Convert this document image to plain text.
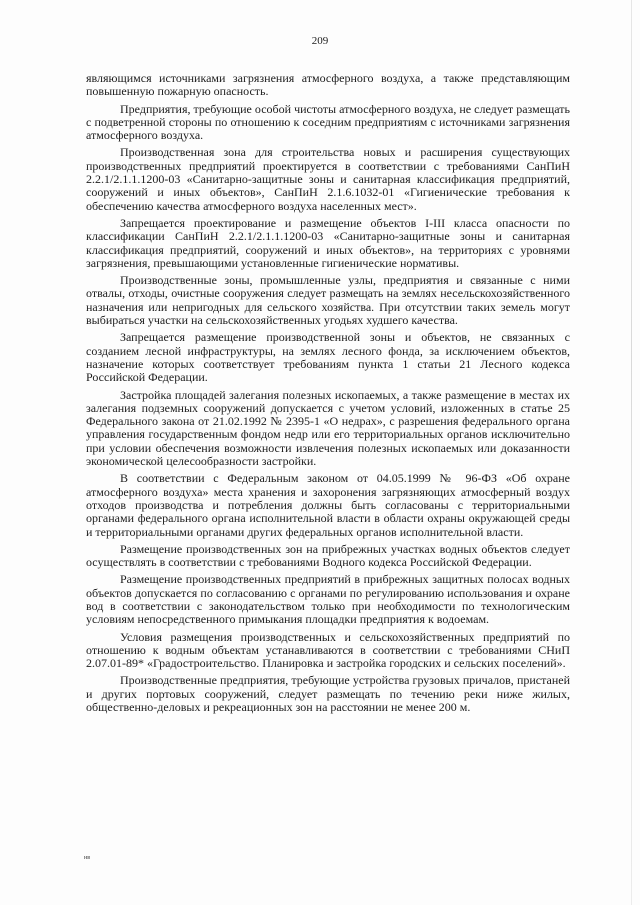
209

являющимся источниками загрязнения атмосферного воздуха, а также представляющим повышенную пожарную опасность.

Предприятия, требующие особой чистоты атмосферного воздуха, не следует размещать с подветренной стороны по отношению к соседним предприятиям с источниками загрязнения атмосферного воздуха.

Производственная зона для строительства новых и расширения существующих производственных предприятий проектируется в соответствии с требованиями СанПиН 2.2.1/2.1.1.1200-03 «Санитарно-защитные зоны и санитарная классификация предприятий, сооружений и иных объектов», СанПиН 2.1.6.1032-01 «Гигиенические требования к обеспечению качества атмосферного воздуха населенных мест».

Запрещается проектирование и размещение объектов I-III класса опасности по классификации СанПиН 2.2.1/2.1.1.1200-03 «Санитарно-защитные зоны и санитарная классификация предприятий, сооружений и иных объектов», на территориях с уровнями загрязнения, превышающими установленные гигиенические нормативы.

Производственные зоны, промышленные узлы, предприятия и связанные с ними отвалы, отходы, очистные сооружения следует размещать на землях несельскохозяйственного назначения или непригодных для сельского хозяйства. При отсутствии таких земель могут выбираться участки на сельскохозяйственных угодьях худшего качества.

Запрещается размещение производственной зоны и объектов, не связанных с созданием лесной инфраструктуры, на землях лесного фонда, за исключением объектов, назначение которых соответствует требованиям пункта 1 статьи 21 Лесного кодекса Российской Федерации.

Застройка площадей залегания полезных ископаемых, а также размещение в местах их залегания подземных сооружений допускается с учетом условий, изложенных в статье 25 Федерального закона от 21.02.1992 № 2395-1 «О недрах», с разрешения федерального органа управления государственным фондом недр или его территориальных органов исключительно при условии обеспечения возможности извлечения полезных ископаемых или доказанности экономической целесообразности застройки.

В соответствии с Федеральным законом от 04.05.1999 № 96-ФЗ «Об охране атмосферного воздуха» места хранения и захоронения загрязняющих атмосферный воздух отходов производства и потребления должны быть согласованы с территориальными органами федерального органа исполнительной власти в области охраны окружающей среды и территориальными органами других федеральных органов исполнительной власти.

Размещение производственных зон на прибрежных участках водных объектов следует осуществлять в соответствии с требованиями Водного кодекса Российской Федерации.

Размещение производственных предприятий в прибрежных защитных полосах водных объектов допускается по согласованию с органами по регулированию использования и охране вод в соответствии с законодательством только при необходимости по технологическим условиям непосредственного примыкания площадки предприятия к водоемам.

Условия размещения производственных и сельскохозяйственных предприятий по отношению к водным объектам устанавливаются в соответствии с требованиями СНиП 2.07.01-89* «Градостроительство. Планировка и застройка городских и сельских поселений».

Производственные предприятия, требующие устройства грузовых причалов, пристаней и других портовых сооружений, следует размещать по течению реки ниже жилых, общественно-деловых и рекреационных зон на расстоянии не менее 200 м.

нв
